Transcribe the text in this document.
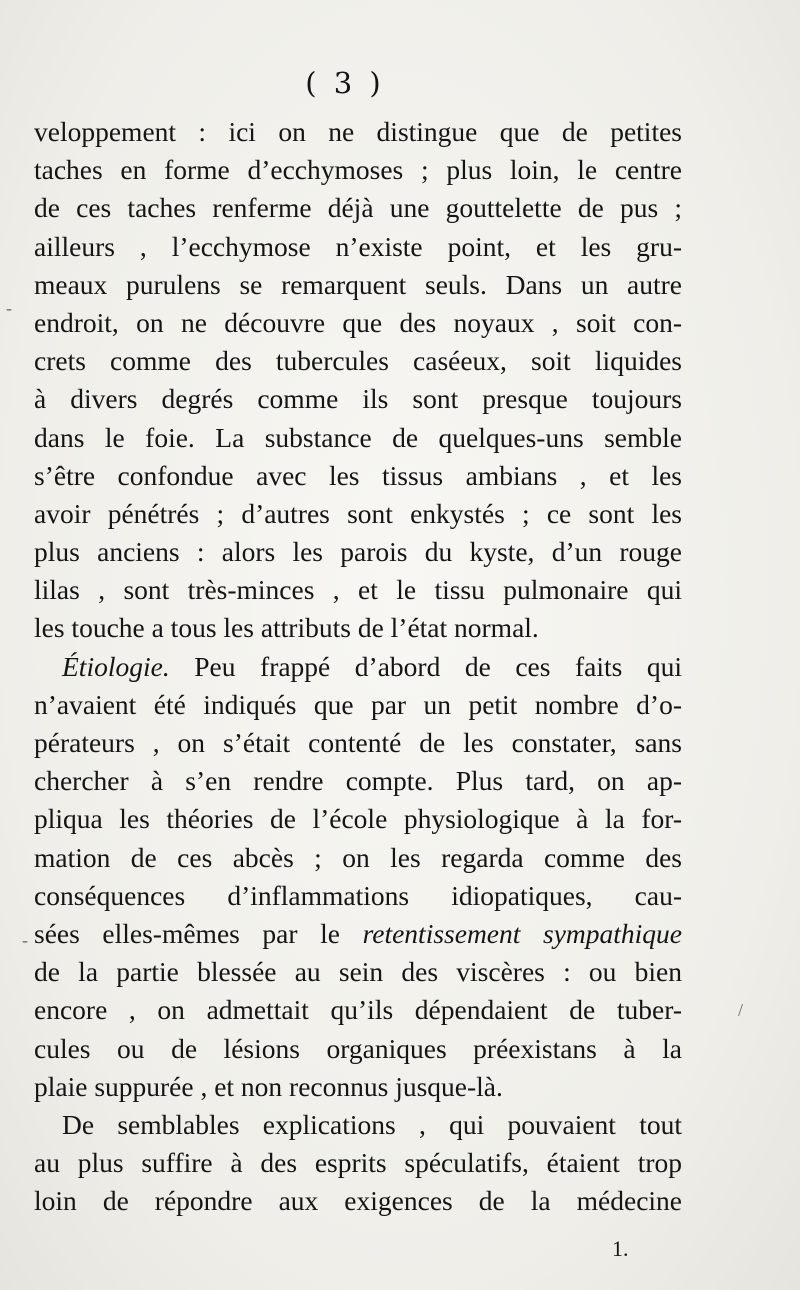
( 3 )
veloppement : ici on ne distingue que de petites
taches en forme d’ecchymoses ; plus loin, le centre
de ces taches renferme déjà une gouttelette de pus ;
ailleurs , l’ecchymose n’existe point, et les gru-
meaux purulens se remarquent seuls. Dans un autre
endroit, on ne découvre que des noyaux , soit con-
crets comme des tubercules caséeux, soit liquides
à divers degrés comme ils sont presque toujours
dans le foie. La substance de quelques-uns semble
s’être confondue avec les tissus ambians , et les
avoir pénétrés ; d’autres sont enkystés ; ce sont les
plus anciens : alors les parois du kyste, d’un rouge
lilas , sont très-minces , et le tissu pulmonaire qui
les touche a tous les attributs de l’état normal.
Étiologie. Peu frappé d’abord de ces faits qui
n’avaient été indiqués que par un petit nombre d’o-
pérateurs , on s’était contenté de les constater, sans
chercher à s’en rendre compte. Plus tard, on ap-
pliqua les théories de l’école physiologique à la for-
mation de ces abcès ; on les regarda comme des
conséquences d’inflammations idiopatiques, cau-
sées elles-mêmes par le retentissement sympathique
de la partie blessée au sein des viscères : ou bien
encore , on admettait qu’ils dépendaient de tuber-
cules ou de lésions organiques préexistans à la
plaie suppurée , et non reconnus jusque-là.
De semblables explications , qui pouvaient tout
au plus suffire à des esprits spéculatifs, étaient trop
loin de répondre aux exigences de la médecine
1.
-
-
/
